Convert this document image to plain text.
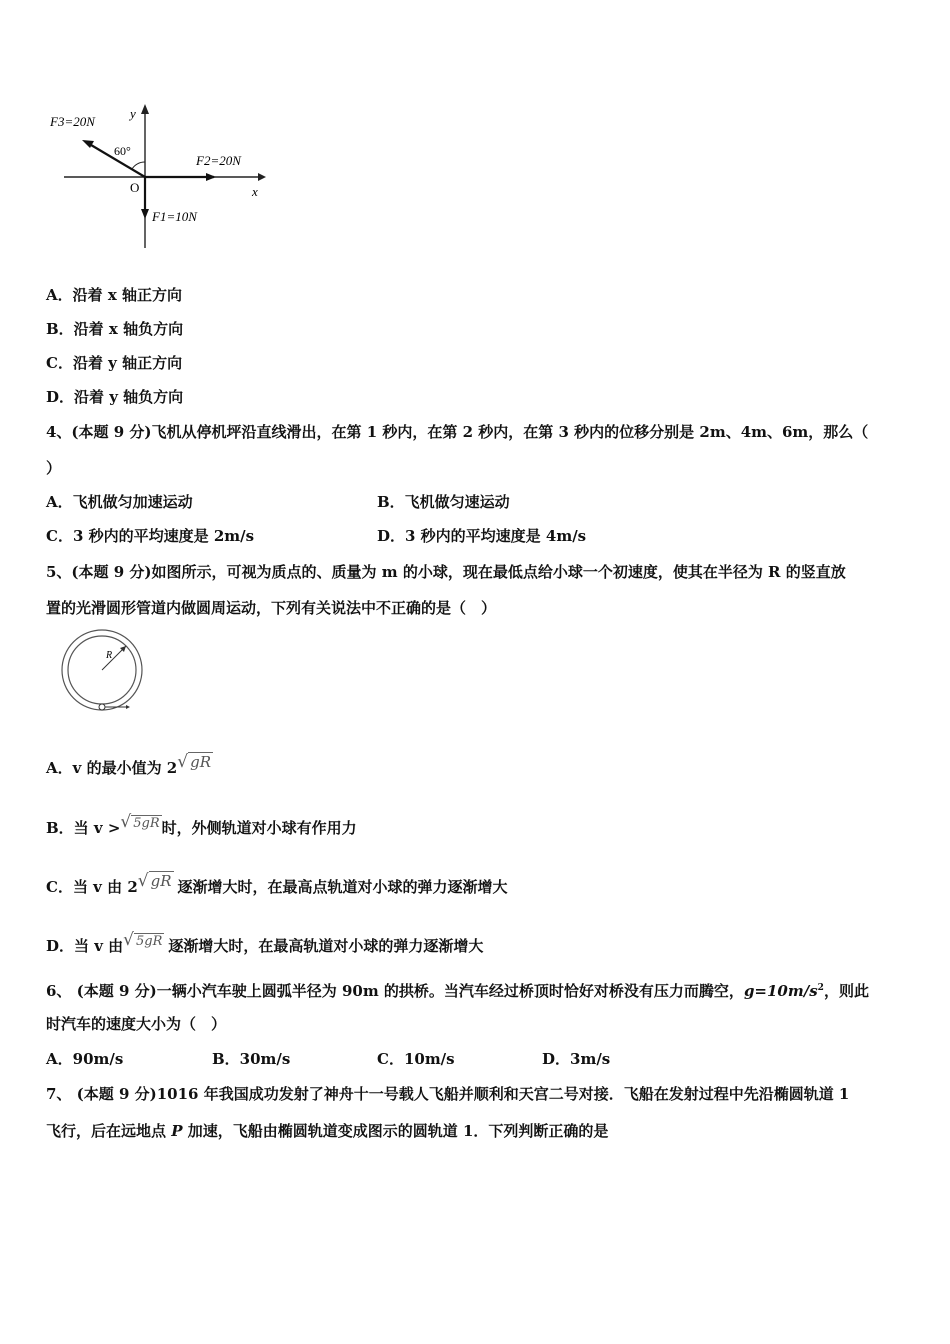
F3=20N
60°
F2=20N
O	x
y
F1=10N
A．沿着 x 轴正方向
B．沿着 x 轴负方向
C．沿着 y 轴正方向
D．沿着 y 轴负方向
4、(本题 9 分)飞机从停机坪沿直线滑出，在第 1 秒内，在第 2 秒内，在第 3 秒内的位移分别是 2m、4m、6m，那么（
）
A．飞机做匀加速运动	B．飞机做匀速运动
C．3 秒内的平均速度是 2m/s	D．3 秒内的平均速度是 4m/s
5、(本题 9 分)如图所示，可视为质点的、质量为 m 的小球，现在最低点给小球一个初速度，使其在半径为 R 的竖直放
置的光滑圆形管道内做圆周运动，下列有关说法中不正确的是（　）
R
A．v 的最小值为 2√ gR
B．当 v >√ 5gR 时，外侧轨道对小球有作用力
C．当 v 由 2√ gR 逐渐增大时，在最高点轨道对小球的弹力逐渐增大
D．当 v 由√ 5gR 逐渐增大时，在最高轨道对小球的弹力逐渐增大
6、 (本题 9 分)一辆小汽车驶上圆弧半径为 90m 的拱桥。当汽车经过桥顶时恰好对桥没有压力而腾空，$g=10m/s^2$，则此
时汽车的速度大小为（　）
A．90m/s	B．30m/s	C．10m/s	D．3m/s
7、 (本题 9 分)1016 年我国成功发射了神舟十一号载人飞船并顺利和天宫二号对接．飞船在发射过程中先沿椭圆轨道 1
飞行，后在远地点 P 加速，飞船由椭圆轨道变成图示的圆轨道 1．下列判断正确的是
